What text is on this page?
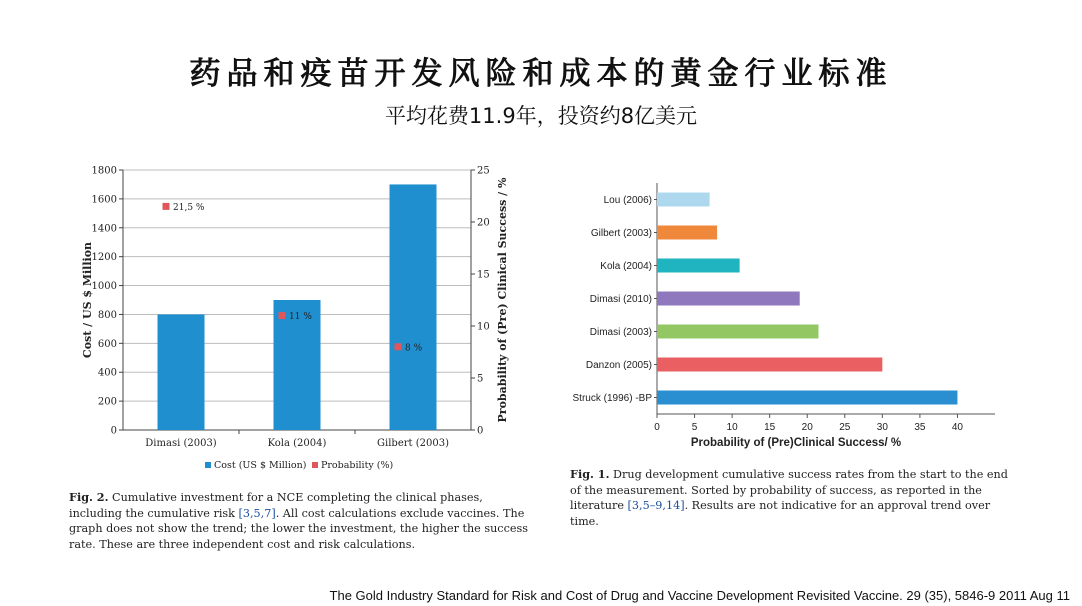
药品和疫苗开发风险和成本的黄金行业标准
平均花费11.9年，投资约8亿美元
0
200
400
600
800
1000
1200
1400
1600
1800
0
5
10
15
20
25
Dimasi (2003)
21,5 %
Kola (2004)
11 %
Gilbert (2003)
8 %
Cost / US $ Million	Probability of (Pre) Clinical Success / %
Cost (US $ Million) Probability (%)
Lou (2006)
Gilbert (2003)
Kola (2004)
Dimasi (2010)
Dimasi (2003)
Danzon (2005)
Struck (1996) -BP
0	5	10	15	20	25	30	35	40
Probability of (Pre)Clinical Success/ %
Fig. 2. Cumulative investment for a NCE completing the clinical phases, including the cumulative risk [3,5,7]. All cost calculations exclude vaccines. The graph does not show the trend; the lower the investment, the higher the success rate. These are three independent cost and risk calculations.
Fig. 1. Drug development cumulative success rates from the start to the end of the measurement. Sorted by probability of success, as reported in the literature [3,5–9,14]. Results are not indicative for an approval trend over time.
The Gold Industry Standard for Risk and Cost of Drug and Vaccine Development Revisited Vaccine. 29 (35), 5846-9 2011 Aug 11
